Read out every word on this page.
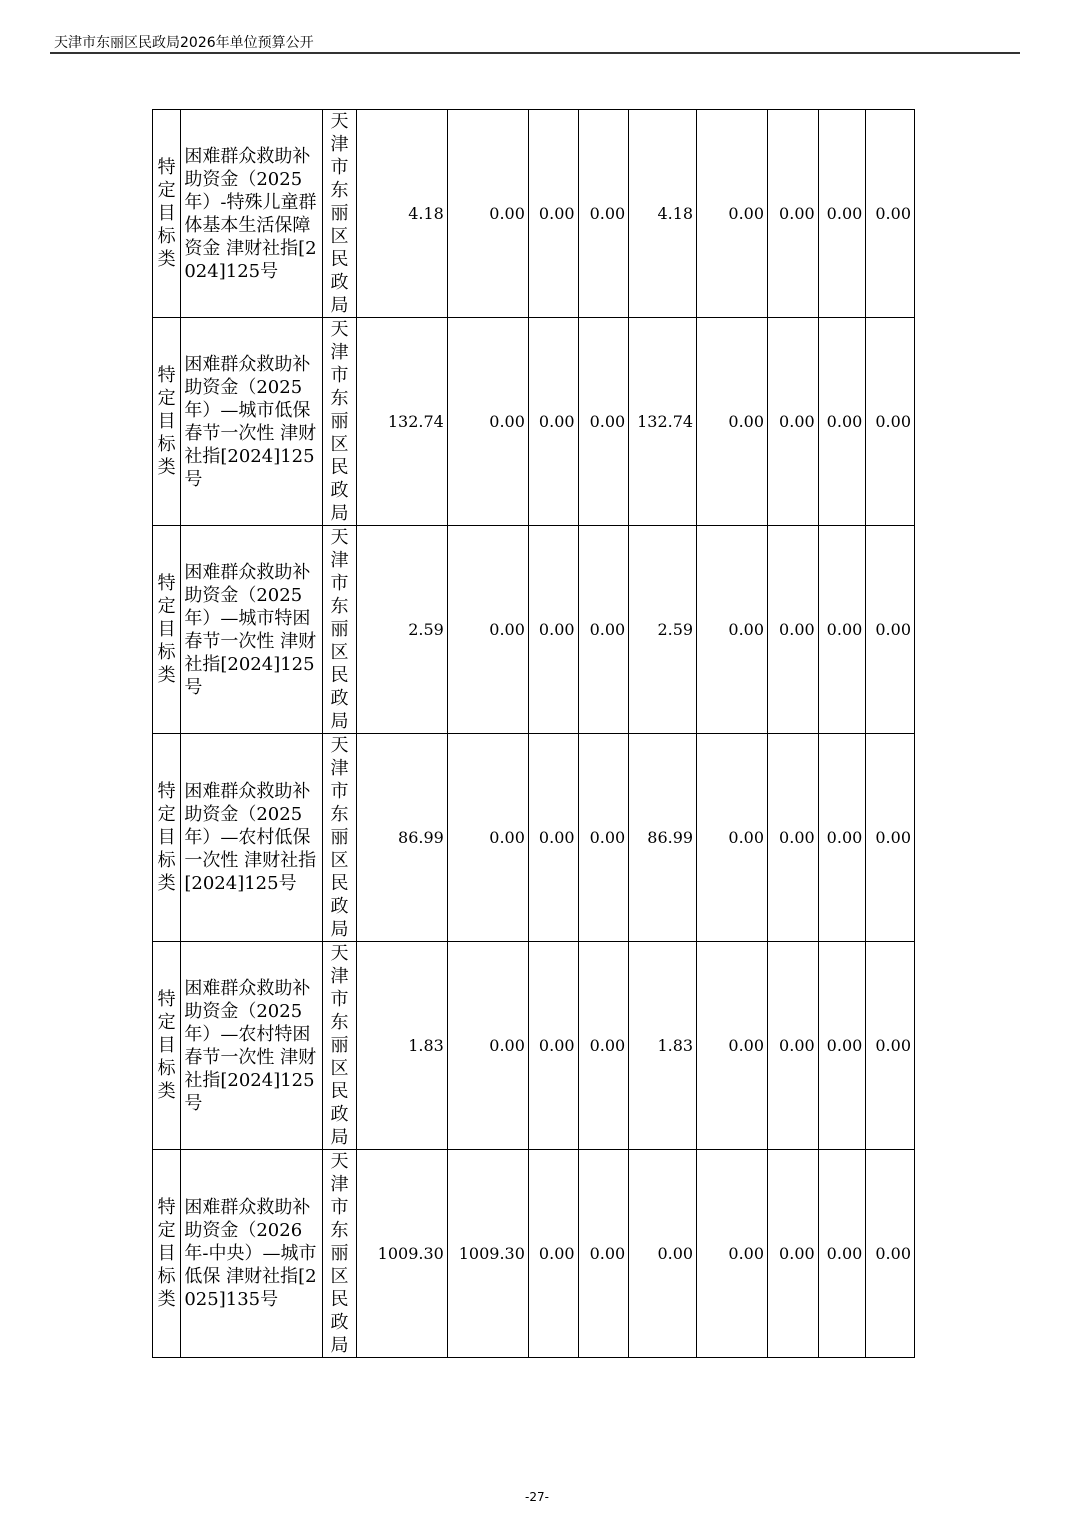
天津市东丽区民政局2026年单位预算公开
特定目标类	困难群众救助补助资金（2025年）-特殊儿童群体基本生活保障资金 津财社指[2024]125号	天津市东丽区民政局	4.18	0.00	0.00	0.00	4.18	0.00	0.00	0.00	0.00
特定目标类	困难群众救助补助资金（2025年）—城市低保春节一次性 津财社指[2024]125号	天津市东丽区民政局	132.74	0.00	0.00	0.00	132.74	0.00	0.00	0.00	0.00
特定目标类	困难群众救助补助资金（2025年）—城市特困春节一次性 津财社指[2024]125号	天津市东丽区民政局	2.59	0.00	0.00	0.00	2.59	0.00	0.00	0.00	0.00
特定目标类	困难群众救助补助资金（2025年）—农村低保一次性 津财社指[2024]125号	天津市东丽区民政局	86.99	0.00	0.00	0.00	86.99	0.00	0.00	0.00	0.00
特定目标类	困难群众救助补助资金（2025年）—农村特困春节一次性 津财社指[2024]125号	天津市东丽区民政局	1.83	0.00	0.00	0.00	1.83	0.00	0.00	0.00	0.00
特定目标类	困难群众救助补助资金（2026年-中央）—城市低保 津财社指[2025]135号	天津市东丽区民政局	1009.30	1009.30	0.00	0.00	0.00	0.00	0.00	0.00	0.00
-27-
